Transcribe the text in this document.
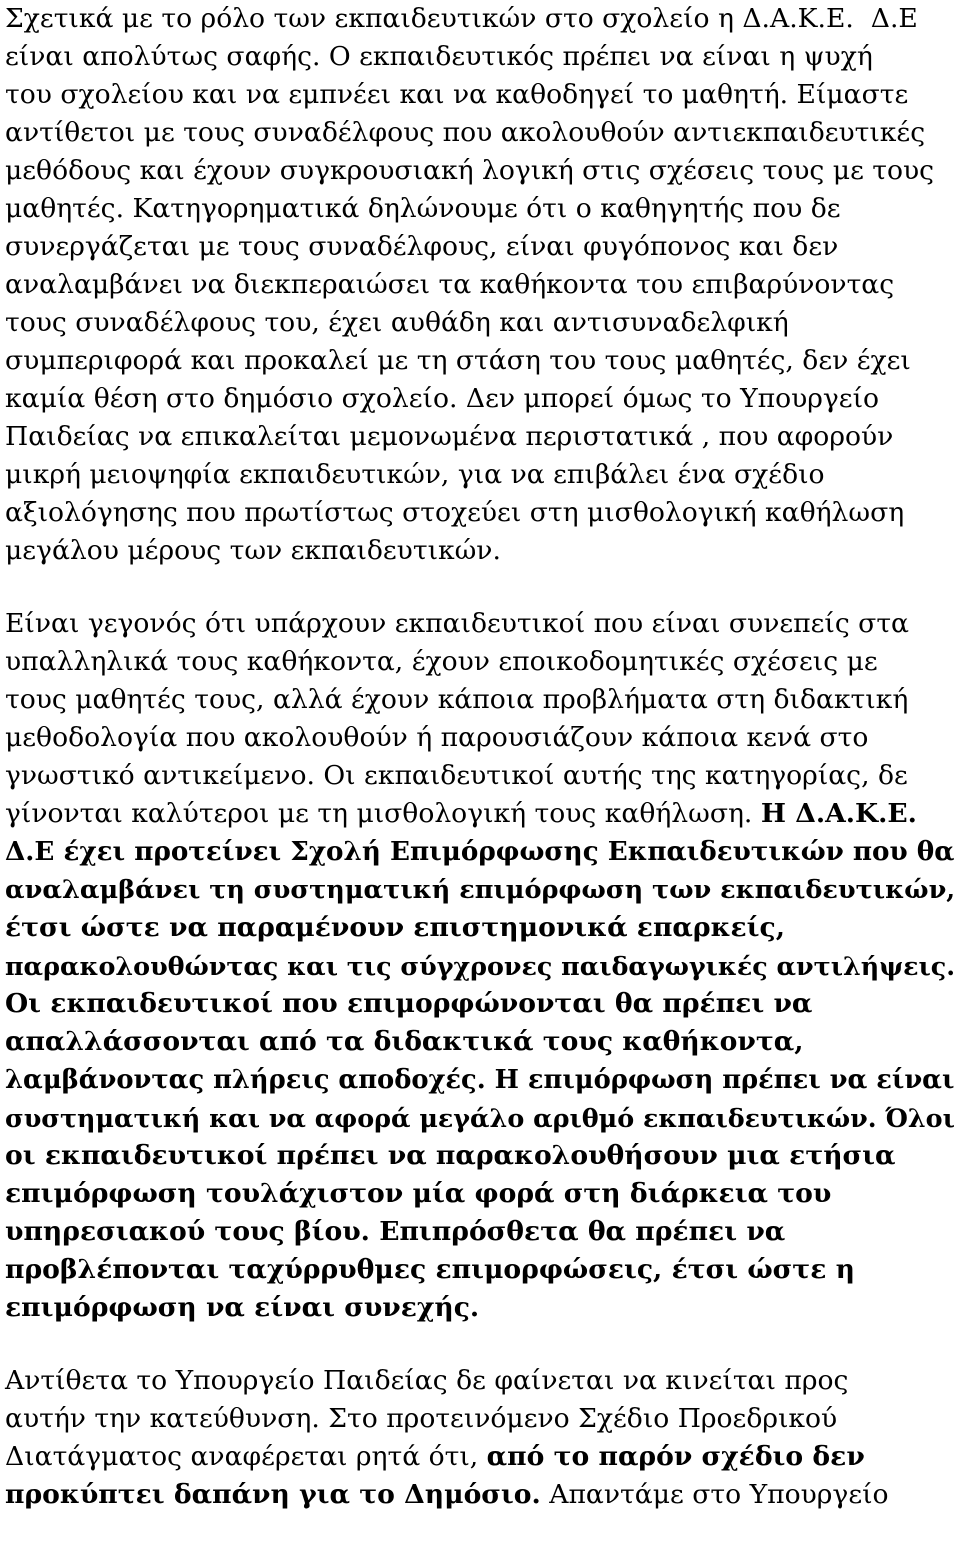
Σχετικά με το ρόλο των εκπαιδευτικών στο σχολείο η Δ.Α.Κ.Ε.  Δ.Ε
είναι απολύτως σαφής. Ο εκπαιδευτικός πρέπει να είναι η ψυχή
του σχολείου και να εμπνέει και να καθοδηγεί το μαθητή. Είμαστε
αντίθετοι με τους συναδέλφους που ακολουθούν αντιεκπαιδευτικές
μεθόδους και έχουν συγκρουσιακή λογική στις σχέσεις τους με τους
μαθητές. Κατηγορηματικά δηλώνουμε ότι ο καθηγητής που δε
συνεργάζεται με τους συναδέλφους, είναι φυγόπονος και δεν
αναλαμβάνει να διεκπεραιώσει τα καθήκοντα του επιβαρύνοντας
τους συναδέλφους του, έχει αυθάδη και αντισυναδελφική
συμπεριφορά και προκαλεί με τη στάση του τους μαθητές, δεν έχει
καμία θέση στο δημόσιο σχολείο. Δεν μπορεί όμως το Υπουργείο
Παιδείας να επικαλείται μεμονωμένα περιστατικά , που αφορούν
μικρή μειοψηφία εκπαιδευτικών, για να επιβάλει ένα σχέδιο
αξιολόγησης που πρωτίστως στοχεύει στη μισθολογική καθήλωση
μεγάλου μέρους των εκπαιδευτικών.
Είναι γεγονός ότι υπάρχουν εκπαιδευτικοί που είναι συνεπείς στα
υπαλληλικά τους καθήκοντα, έχουν εποικοδομητικές σχέσεις με
τους μαθητές τους, αλλά έχουν κάποια προβλήματα στη διδακτική
μεθοδολογία που ακολουθούν ή παρουσιάζουν κάποια κενά στο
γνωστικό αντικείμενο. Οι εκπαιδευτικοί αυτής της κατηγορίας, δε
γίνονται καλύτεροι με τη μισθολογική τους καθήλωση. Η Δ.Α.Κ.Ε.
Δ.Ε έχει προτείνει Σχολή Επιμόρφωσης Εκπαιδευτικών που θα
αναλαμβάνει τη συστηματική επιμόρφωση των εκπαιδευτικών,
έτσι ώστε να παραμένουν επιστημονικά επαρκείς,
παρακολουθώντας και τις σύγχρονες παιδαγωγικές αντιλήψεις.
Οι εκπαιδευτικοί που επιμορφώνονται θα πρέπει να
απαλλάσσονται από τα διδακτικά τους καθήκοντα,
λαμβάνοντας πλήρεις αποδοχές. Η επιμόρφωση πρέπει να είναι
συστηματική και να αφορά μεγάλο αριθμό εκπαιδευτικών. Όλοι
οι εκπαιδευτικοί πρέπει να παρακολουθήσουν μια ετήσια
επιμόρφωση τουλάχιστον μία φορά στη διάρκεια του
υπηρεσιακού τους βίου. Επιπρόσθετα θα πρέπει να
προβλέπονται ταχύρρυθμες επιμορφώσεις, έτσι ώστε η
επιμόρφωση να είναι συνεχής.
Αντίθετα το Υπουργείο Παιδείας δε φαίνεται να κινείται προς
αυτήν την κατεύθυνση. Στο προτεινόμενο Σχέδιο Προεδρικού
Διατάγματος αναφέρεται ρητά ότι, από το παρόν σχέδιο δεν
προκύπτει δαπάνη για το Δημόσιο. Απαντάμε στο Υπουργείο
